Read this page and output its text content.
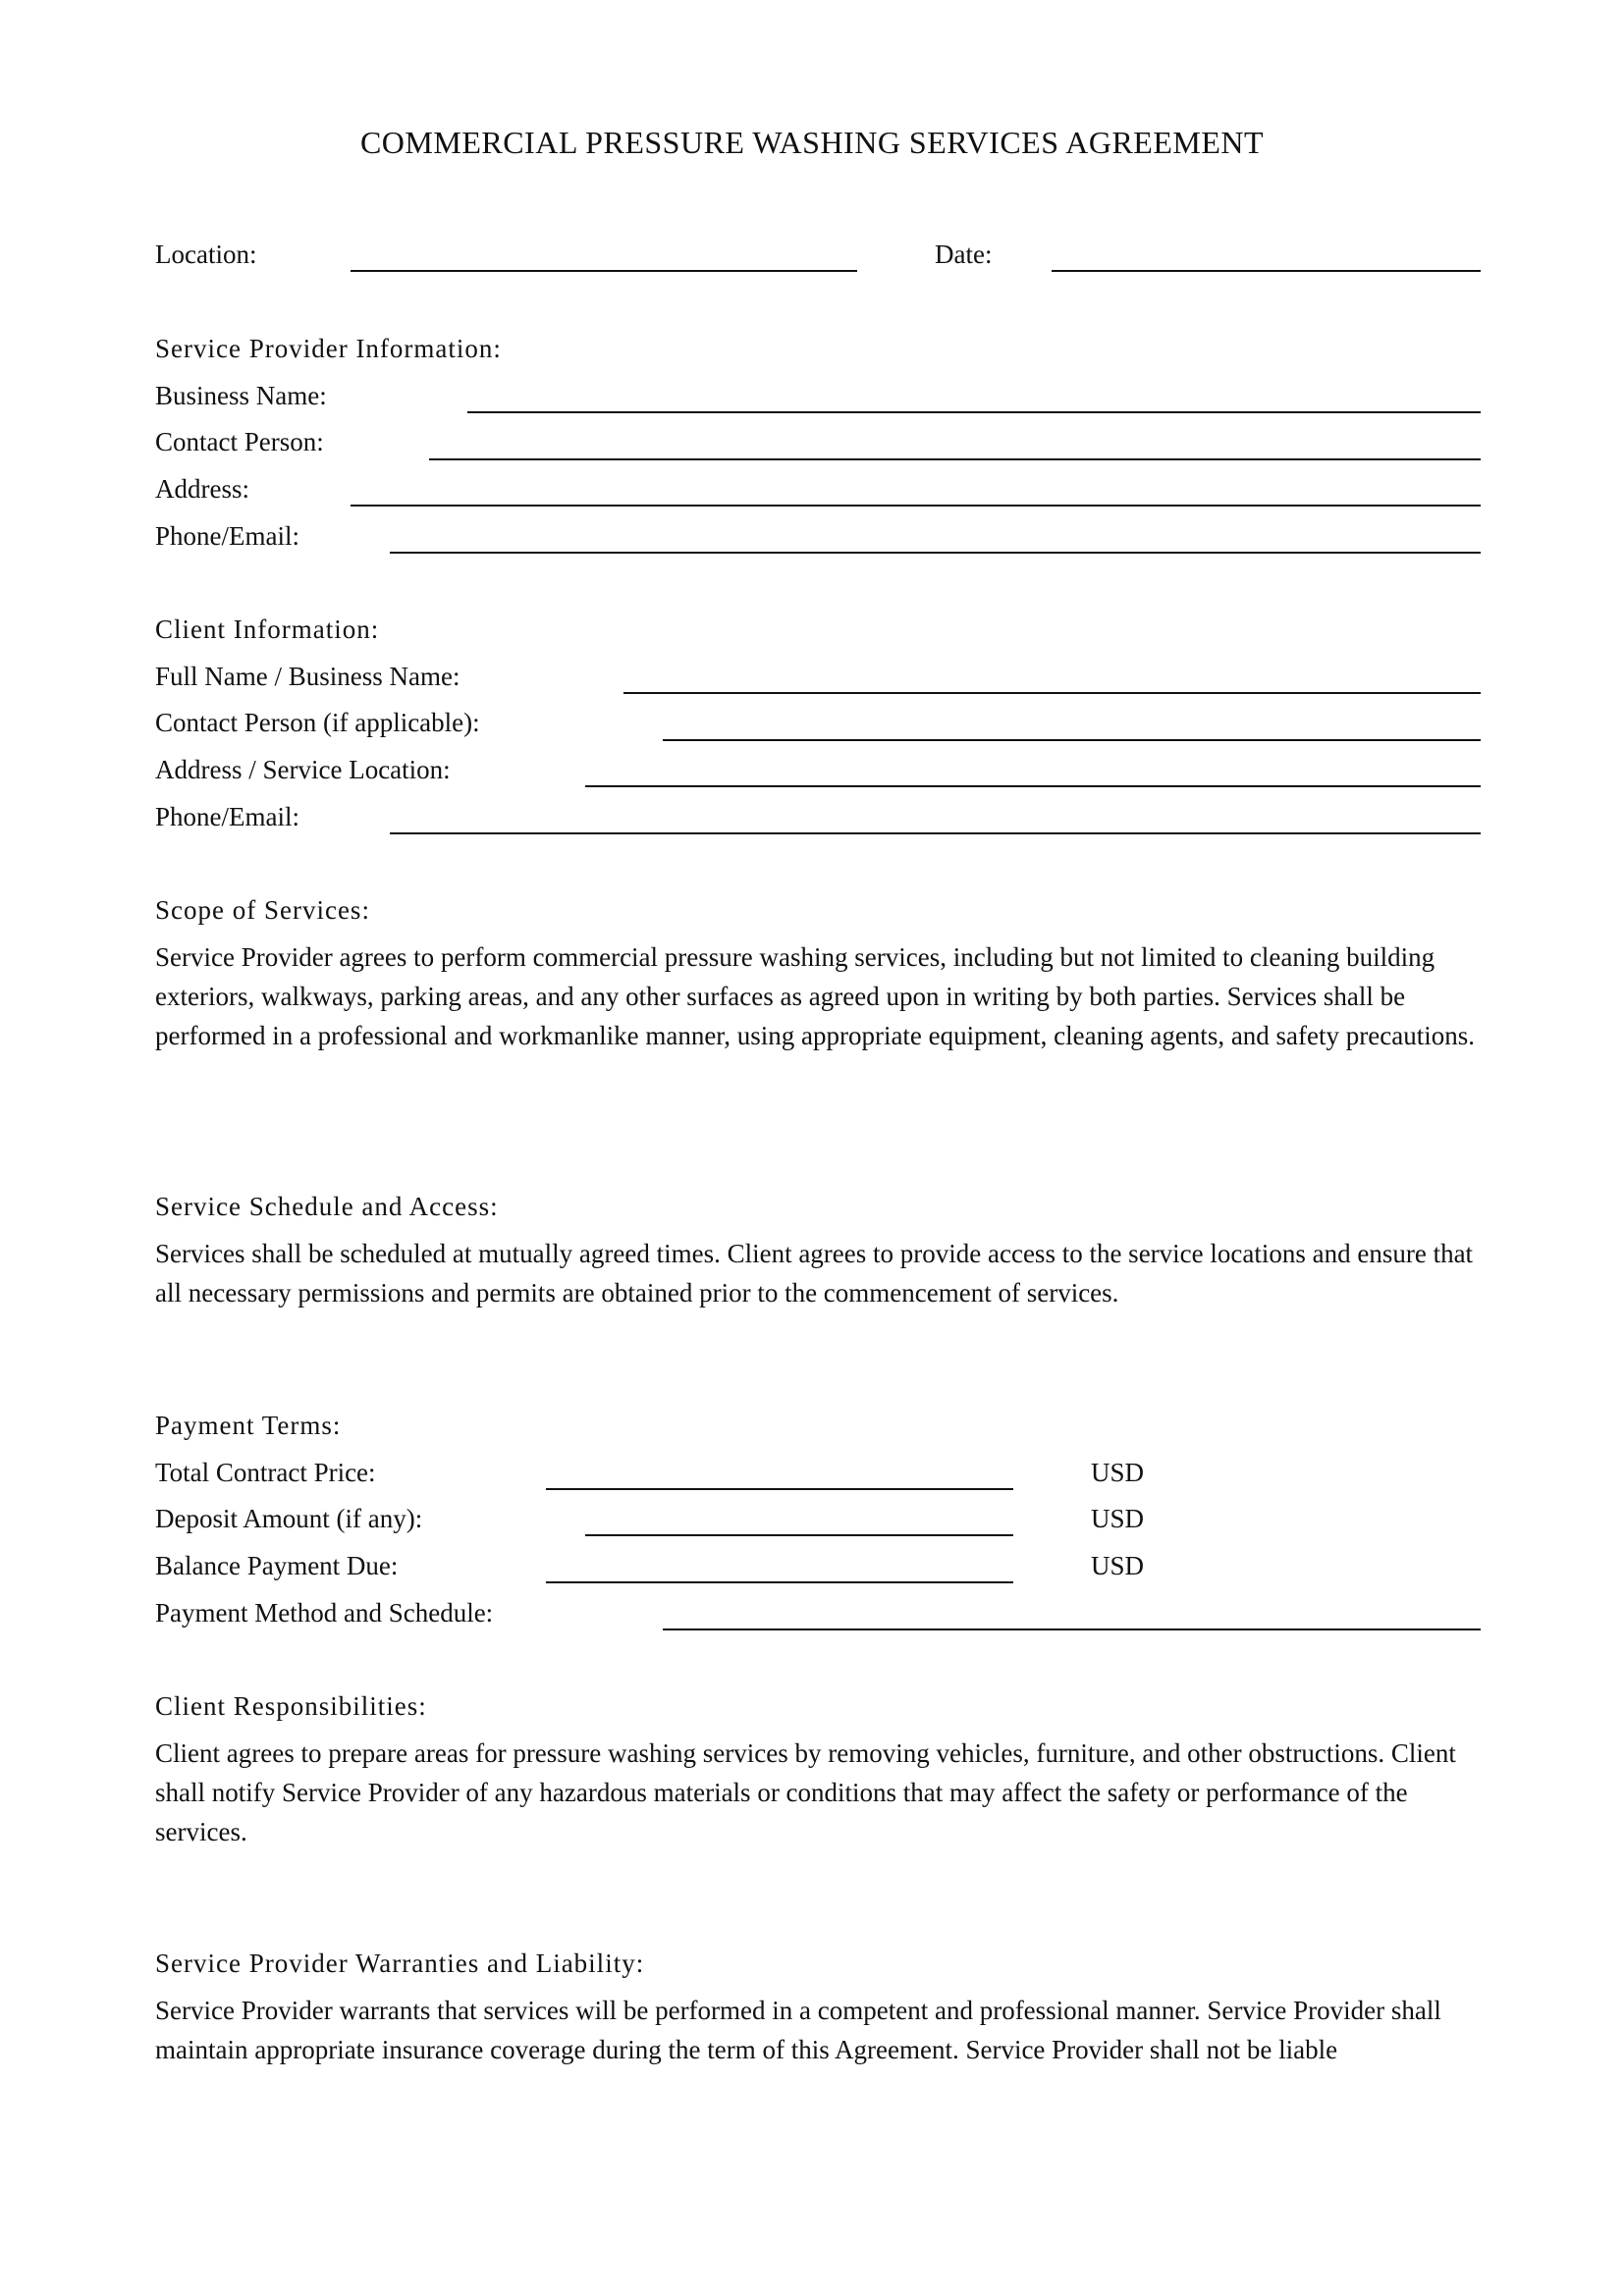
COMMERCIAL PRESSURE WASHING SERVICES AGREEMENT
Location:	Date:
Service Provider Information:
Business Name:
Contact Person:
Address:
Phone/Email:
Client Information:
Full Name / Business Name:
Contact Person (if applicable):
Address / Service Location:
Phone/Email:
Scope of Services:
Service Provider agrees to perform commercial pressure washing services, including but not limited to cleaning building exteriors, walkways, parking areas, and any other surfaces as agreed upon in writing by both parties. Services shall be performed in a professional and workmanlike manner, using appropriate equipment, cleaning agents, and safety precautions.
Service Schedule and Access:
Services shall be scheduled at mutually agreed times. Client agrees to provide access to the service locations and ensure that all necessary permissions and permits are obtained prior to the commencement of services.
Payment Terms:
Total Contract Price:	USD
Deposit Amount (if any):	USD
Balance Payment Due:	USD
Payment Method and Schedule:
Client Responsibilities:
Client agrees to prepare areas for pressure washing services by removing vehicles, furniture, and other obstructions. Client shall notify Service Provider of any hazardous materials or conditions that may affect the safety or performance of the services.
Service Provider Warranties and Liability:
Service Provider warrants that services will be performed in a competent and professional manner. Service Provider shall maintain appropriate insurance coverage during the term of this Agreement. Service Provider shall not be liable
